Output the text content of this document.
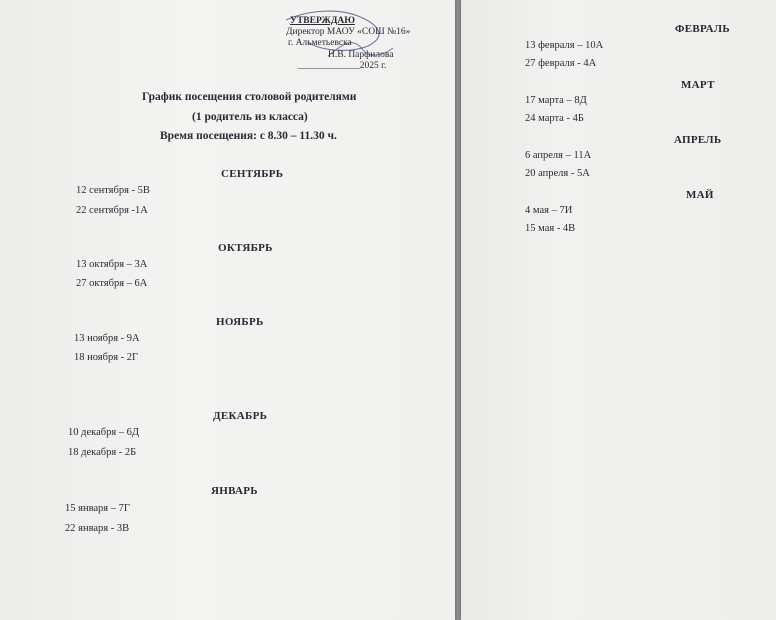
УТВЕРЖДАЮ
Директор МАОУ «СОШ №16»
г. Альметьевска
Н.В. Парфилова
_____________2025 г.
График посещения столовой родителями
(1 родитель из класса)
Время посещения: с 8.30 – 11.30 ч.
СЕНТЯБРЬ
12 сентября - 5В
22 сентября -1А
ОКТЯБРЬ
13 октября – 3А
27 октября – 6А
НОЯБРЬ
13 ноября - 9А
18 ноября - 2Г
ДЕКАБРЬ
10 декабря – 6Д
18 декабря - 2Б
ЯНВАРЬ
15 января – 7Г
22 января - 3В
ФЕВРАЛЬ
13 февраля – 10А
27 февраля - 4А
МАРТ
17 марта – 8Д
24 марта - 4Б
АПРЕЛЬ
6 апреля – 11А
20 апреля - 5А
МАЙ
4 мая – 7И
15 мая - 4В
